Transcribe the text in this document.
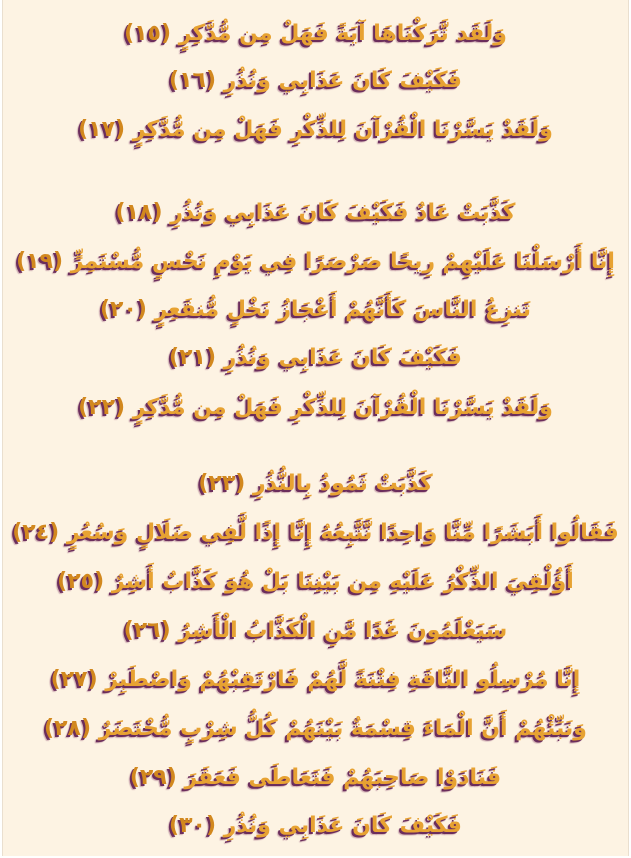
وَلَقَد تَّرَكْنَاهَا آيَةً فَهَلْ مِن مُّدَّكِرٍ (١٥)
فَكَيْفَ كَانَ عَذَابِي وَنُذُرِ (١٦)
وَلَقَدْ يَسَّرْنَا الْقُرْآنَ لِلذِّكْرِ فَهَلْ مِن مُّدَّكِرٍ (١٧)
كَذَّبَتْ عَادٌ فَكَيْفَ كَانَ عَذَابِي وَنُذُرِ (١٨)
إِنَّا أَرْسَلْنَا عَلَيْهِمْ رِيحًا صَرْصَرًا فِي يَوْمِ نَحْسٍ مُّسْتَمِرٍّ (١٩)
تَنزِعُ النَّاسَ كَأَنَّهُمْ أَعْجَازُ نَخْلٍ مُّنقَعِرٍ (٢٠)
فَكَيْفَ كَانَ عَذَابِي وَنُذُرِ (٢١)
وَلَقَدْ يَسَّرْنَا الْقُرْآنَ لِلذِّكْرِ فَهَلْ مِن مُّدَّكِرٍ (٢٢)
كَذَّبَتْ ثَمُودُ بِالنُّذُرِ (٢٣)
فَقَالُوا أَبَشَرًا مِّنَّا وَاحِدًا نَّتَّبِعُهُ إِنَّا إِذًا لَّفِي ضَلَالٍ وَسُعُرٍ (٢٤)
أَؤُلْقِيَ الذِّكْرُ عَلَيْهِ مِن بَيْنِنَا بَلْ هُوَ كَذَّابٌ أَشِرٌ (٢٥)
سَيَعْلَمُونَ غَدًا مَّنِ الْكَذَّابُ الْأَشِرُ (٢٦)
إِنَّا مُرْسِلُو النَّاقَةِ فِتْنَةً لَّهُمْ فَارْتَقِبْهُمْ وَاصْطَبِرْ (٢٧)
وَنَبِّئْهُمْ أَنَّ الْمَاءَ قِسْمَةٌ بَيْنَهُمْ كُلُّ شِرْبٍ مُّحْتَضَرٌ (٢٨)
فَنَادَوْا صَاحِبَهُمْ فَتَعَاطَى فَعَقَرَ (٢٩)
فَكَيْفَ كَانَ عَذَابِي وَنُذُرِ (٣٠)
